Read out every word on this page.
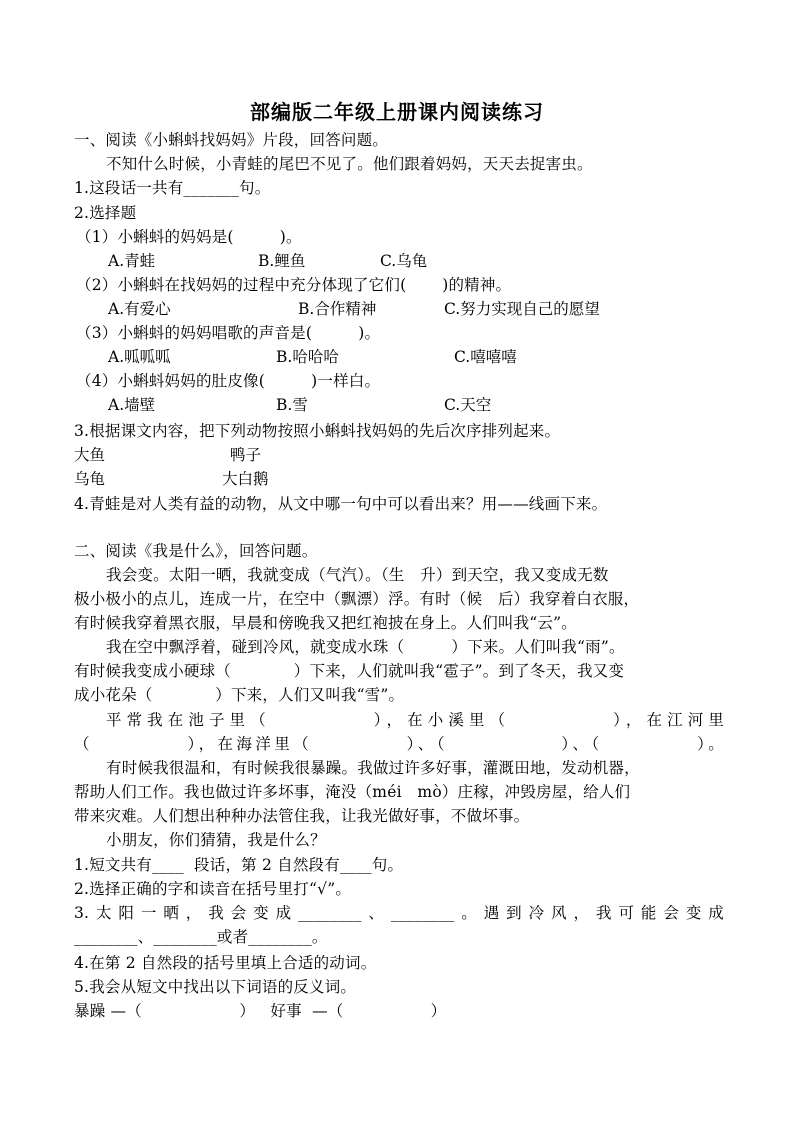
部编版二年级上册课内阅读练习
一、阅读《小蝌蚪找妈妈》片段，回答问题。
不知什么时候，小青蛙的尾巴不见了。他们跟着妈妈，天天去捉害虫。
1.这段话一共有_______句。
2.选择题
（1）小蝌蚪的妈妈是(         )。
A.青蛙	B.鲤鱼	C.乌龟
（2）小蝌蚪在找妈妈的过程中充分体现了它们(       )的精神。
A.有爱心	B.合作精神	C.努力实现自己的愿望
（3）小蝌蚪的妈妈唱歌的声音是(         )。
A.呱呱呱	B.哈哈哈	C.嘻嘻嘻
（4）小蝌蚪妈妈的肚皮像(         )一样白。
A.墙壁	B.雪	C.天空
3.根据课文内容，把下列动物按照小蝌蚪找妈妈的先后次序排列起来。
大鱼	鸭子
乌龟	大白鹅
4.青蛙是对人类有益的动物，从文中哪一句中可以看出来？用——线画下来。
二、阅读《我是什么》，回答问题。
我会变。太阳一晒，我就变成（气汽）。（生　升）到天空，我又变成无数
极小极小的点儿，连成一片，在空中（飘漂）浮。有时（候　后）我穿着白衣服，
有时候我穿着黑衣服，早晨和傍晚我又把红袍披在身上。人们叫我“云”。
我在空中飘浮着，碰到冷风，就变成水珠（　　　）下来。人们叫我“雨”。
有时候我变成小硬球（　　　　）下来，人们就叫我“雹子”。到了冬天，我又变
成小花朵（　　　　）下来，人们又叫我“雪”。
平常我在池子里（　　　　　），在小溪里（　　　　　），在江河里
（　　　　　），在海洋里（　　　　　）、（　　　　　　）、（　　　　　）。
有时候我很温和，有时候我很暴躁。我做过许多好事，灌溉田地，发动机器，
帮助人们工作。我也做过许多坏事，淹没（méi　mò）庄稼，冲毁房屋，给人们
带来灾难。人们想出种种办法管住我，让我光做好事，不做坏事。
小朋友，你们猜猜，我是什么？
1.短文共有____  段话，第 2 自然段有____句。
2.选择正确的字和读音在括号里打“√”。
3.太阳一晒，我会变成________、________。遇到冷风，我可能会变成
________、________或者________。
4.在第 2 自然段的括号里填上合适的动词。
5.我会从短文中找出以下词语的反义词。
暴躁 —（                   ）   好事  —（                 ）
